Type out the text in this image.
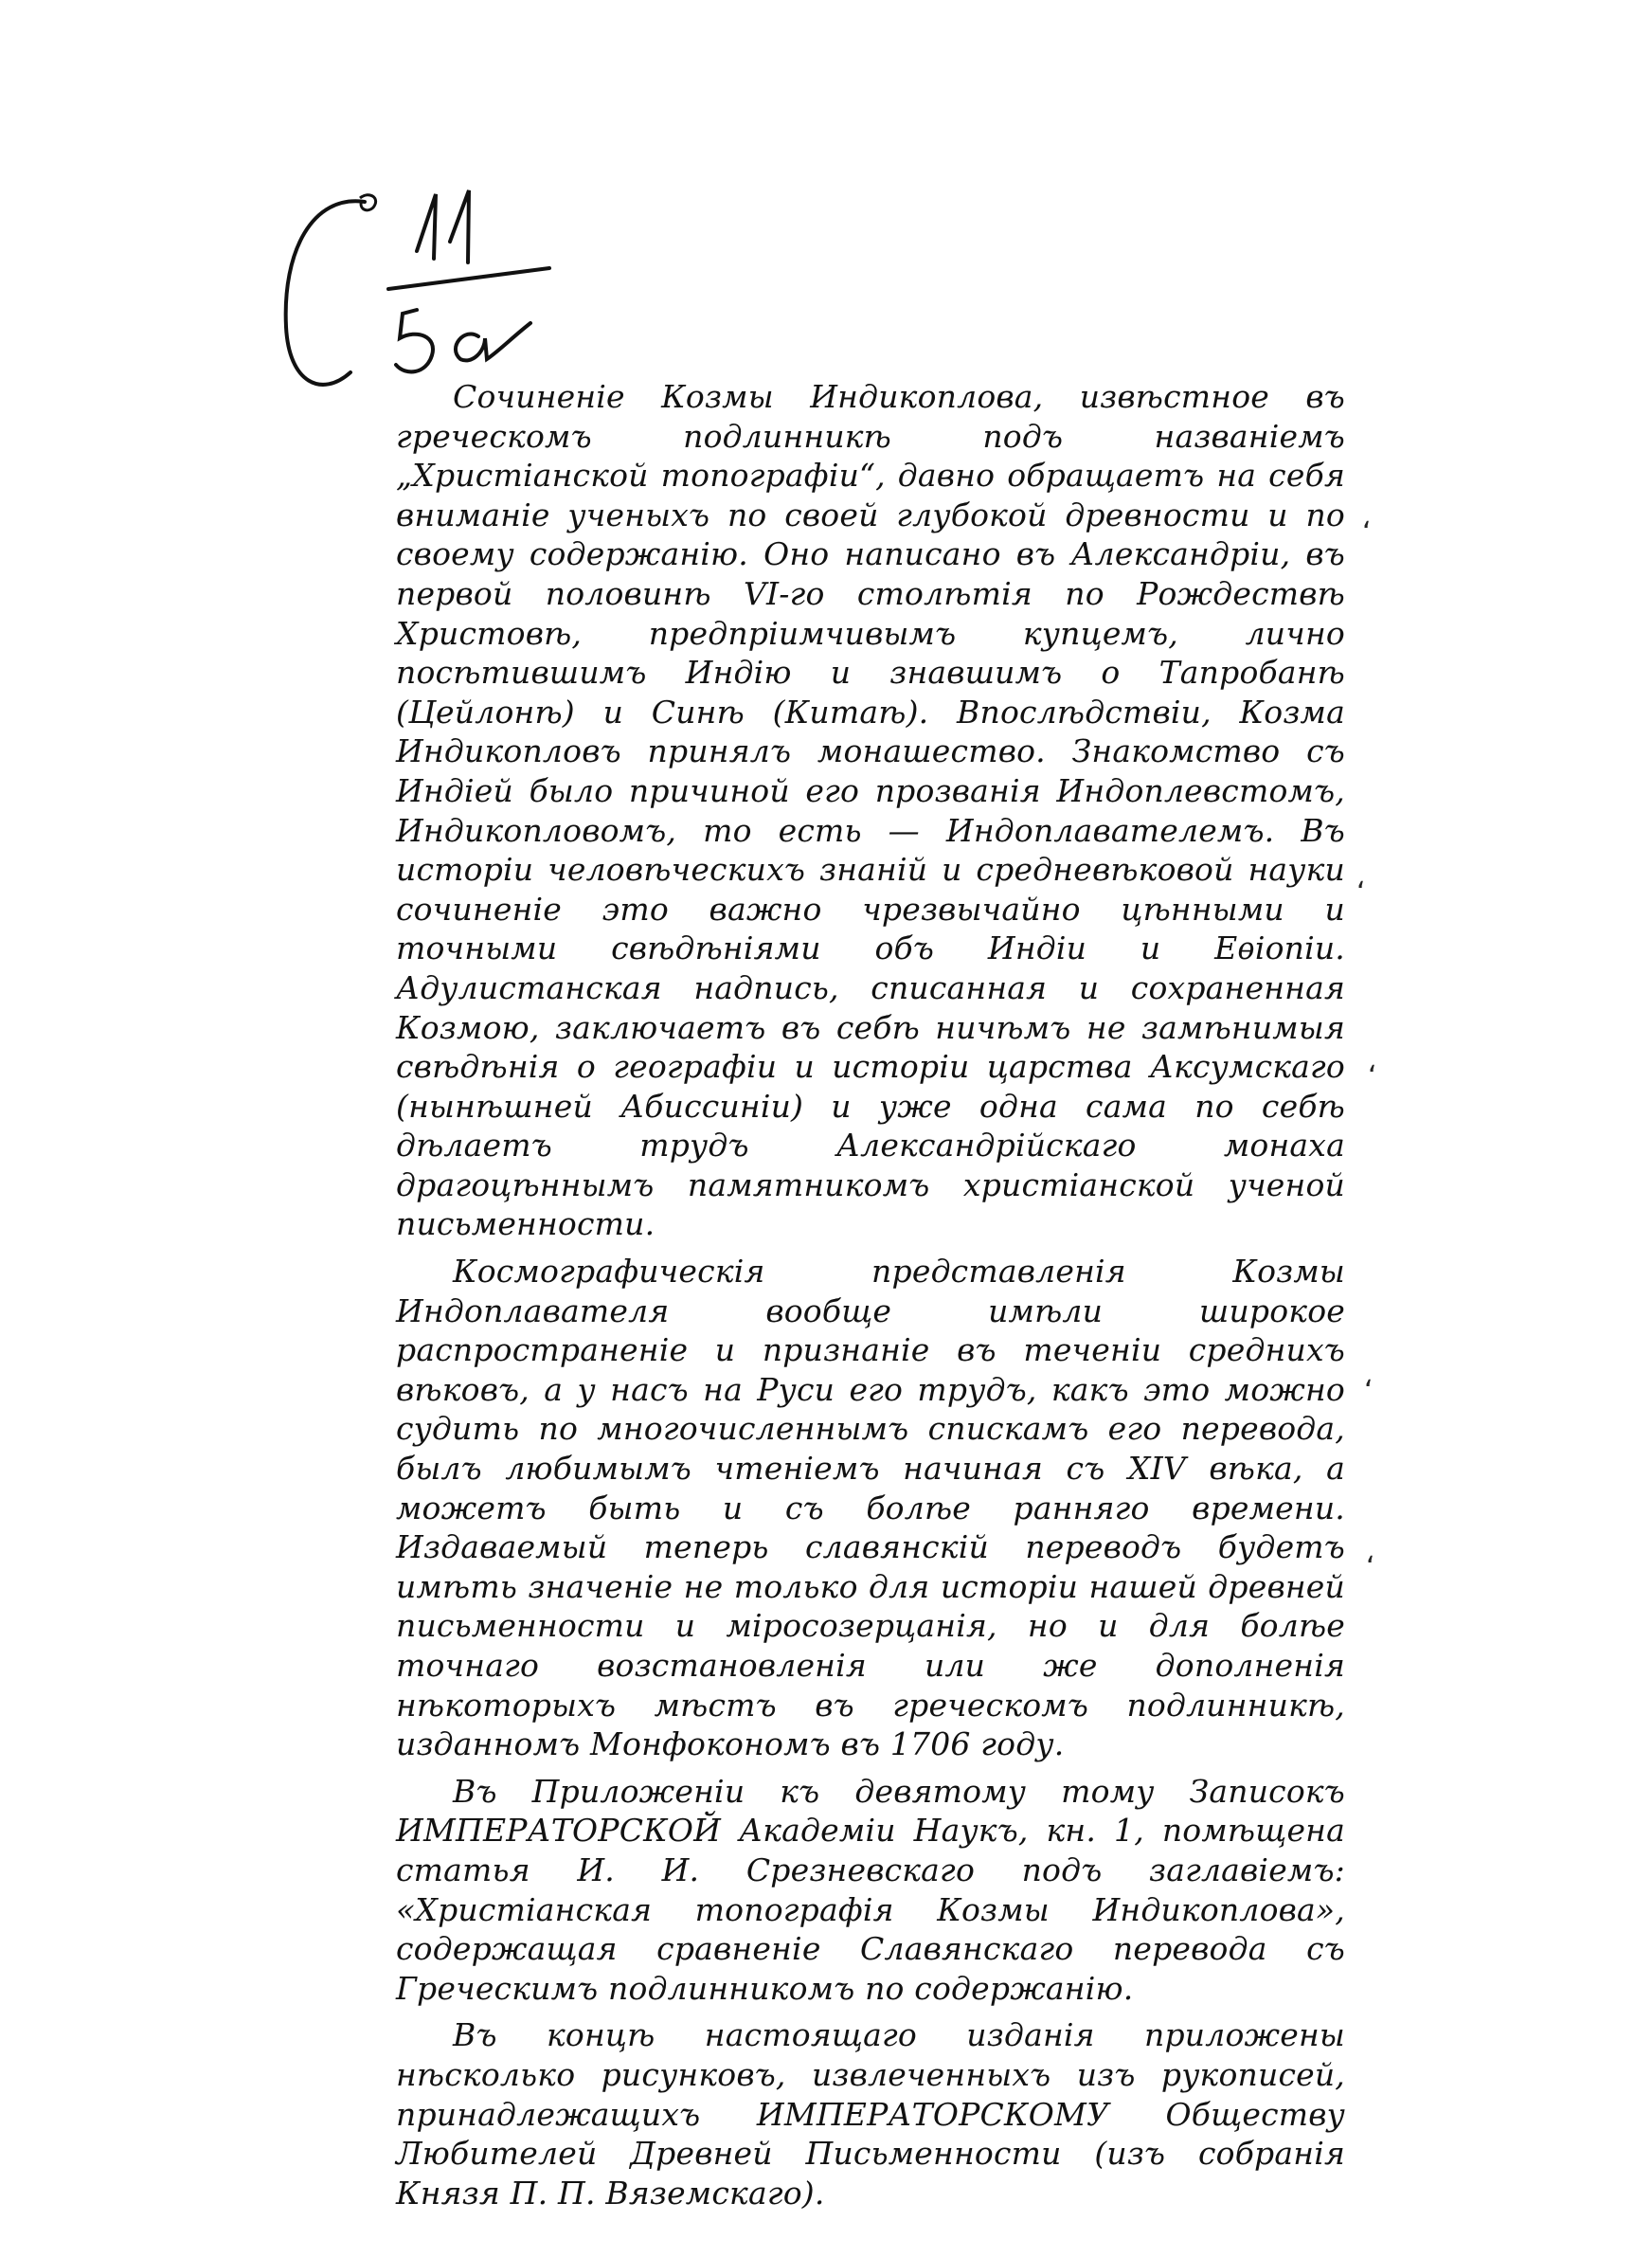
Сочиненіе Козмы Индикоплова, извѣстное въ греческомъ подлинникѣ подъ названіемъ „Христіанской топографіи“, давно обращаетъ на себя вниманіе ученыхъ по своей глубокой древности и по своему содержанію. Оно написано въ Александріи, въ первой половинѣ VI-го столѣтія по Рождествѣ Христовѣ, предпріимчивымъ купцемъ, лично посѣтившимъ Индію и знавшимъ о Тапробанѣ (Цейлонѣ) и Синѣ (Китаѣ). Впослѣдствіи, Козма Индикопловъ принялъ монашество. Знакомство съ Индіей было причиной его прозванія Индоплевстомъ, Индикопловомъ, то есть — Индоплавателемъ. Въ исторіи человѣческихъ знаній и средневѣковой науки сочиненіе это важно чрезвычайно цѣнными и точными свѣдѣніями объ Индіи и Еѳіопіи. Адулистанская надпись, списанная и сохраненная Козмою, заключаетъ въ себѣ ничѣмъ не замѣнимыя свѣдѣнія о географіи и исторіи царства Аксумскаго (нынѣшней Абиссиніи) и уже одна сама по себѣ дѣлаетъ трудъ Александрійскаго монаха драгоцѣннымъ памятникомъ христіанской ученой письменности.

Космографическія представленія Козмы Индоплавателя вообще имѣли широкое распространеніе и признаніе въ теченіи среднихъ вѣковъ, а у насъ на Руси его трудъ, какъ это можно судить по многочисленнымъ спискамъ его перевода, былъ любимымъ чтеніемъ начиная съ XIV вѣка, а можетъ быть и съ болѣе ранняго времени. Издаваемый теперь славянскій переводъ будетъ имѣть значеніе не только для исторіи нашей древней письменности и міросозерцанія, но и для болѣе точнаго возстановленія или же дополненія нѣкоторыхъ мѣстъ въ греческомъ подлинникѣ, изданномъ Монфокономъ въ 1706 году.

Въ Приложеніи къ девятому тому Записокъ ИМПЕРАТОРСКОЙ Академіи Наукъ, кн. 1, помѣщена статья И. И. Срезневскаго подъ заглавіемъ: «Христіанская топографія Козмы Индикоплова», содержащая сравненіе Славянскаго перевода съ Греческимъ подлинникомъ по содержанію.

Въ концѣ настоящаго изданія приложены нѣсколько рисунковъ, извлеченныхъ изъ рукописей, принадлежащихъ ИМПЕРАТОРСКОМУ Обществу Любителей Древней Письменности (изъ собранія Князя П. П. Вяземскаго).

ʻ
ʻ
ʻ
ʻ
ʻ
